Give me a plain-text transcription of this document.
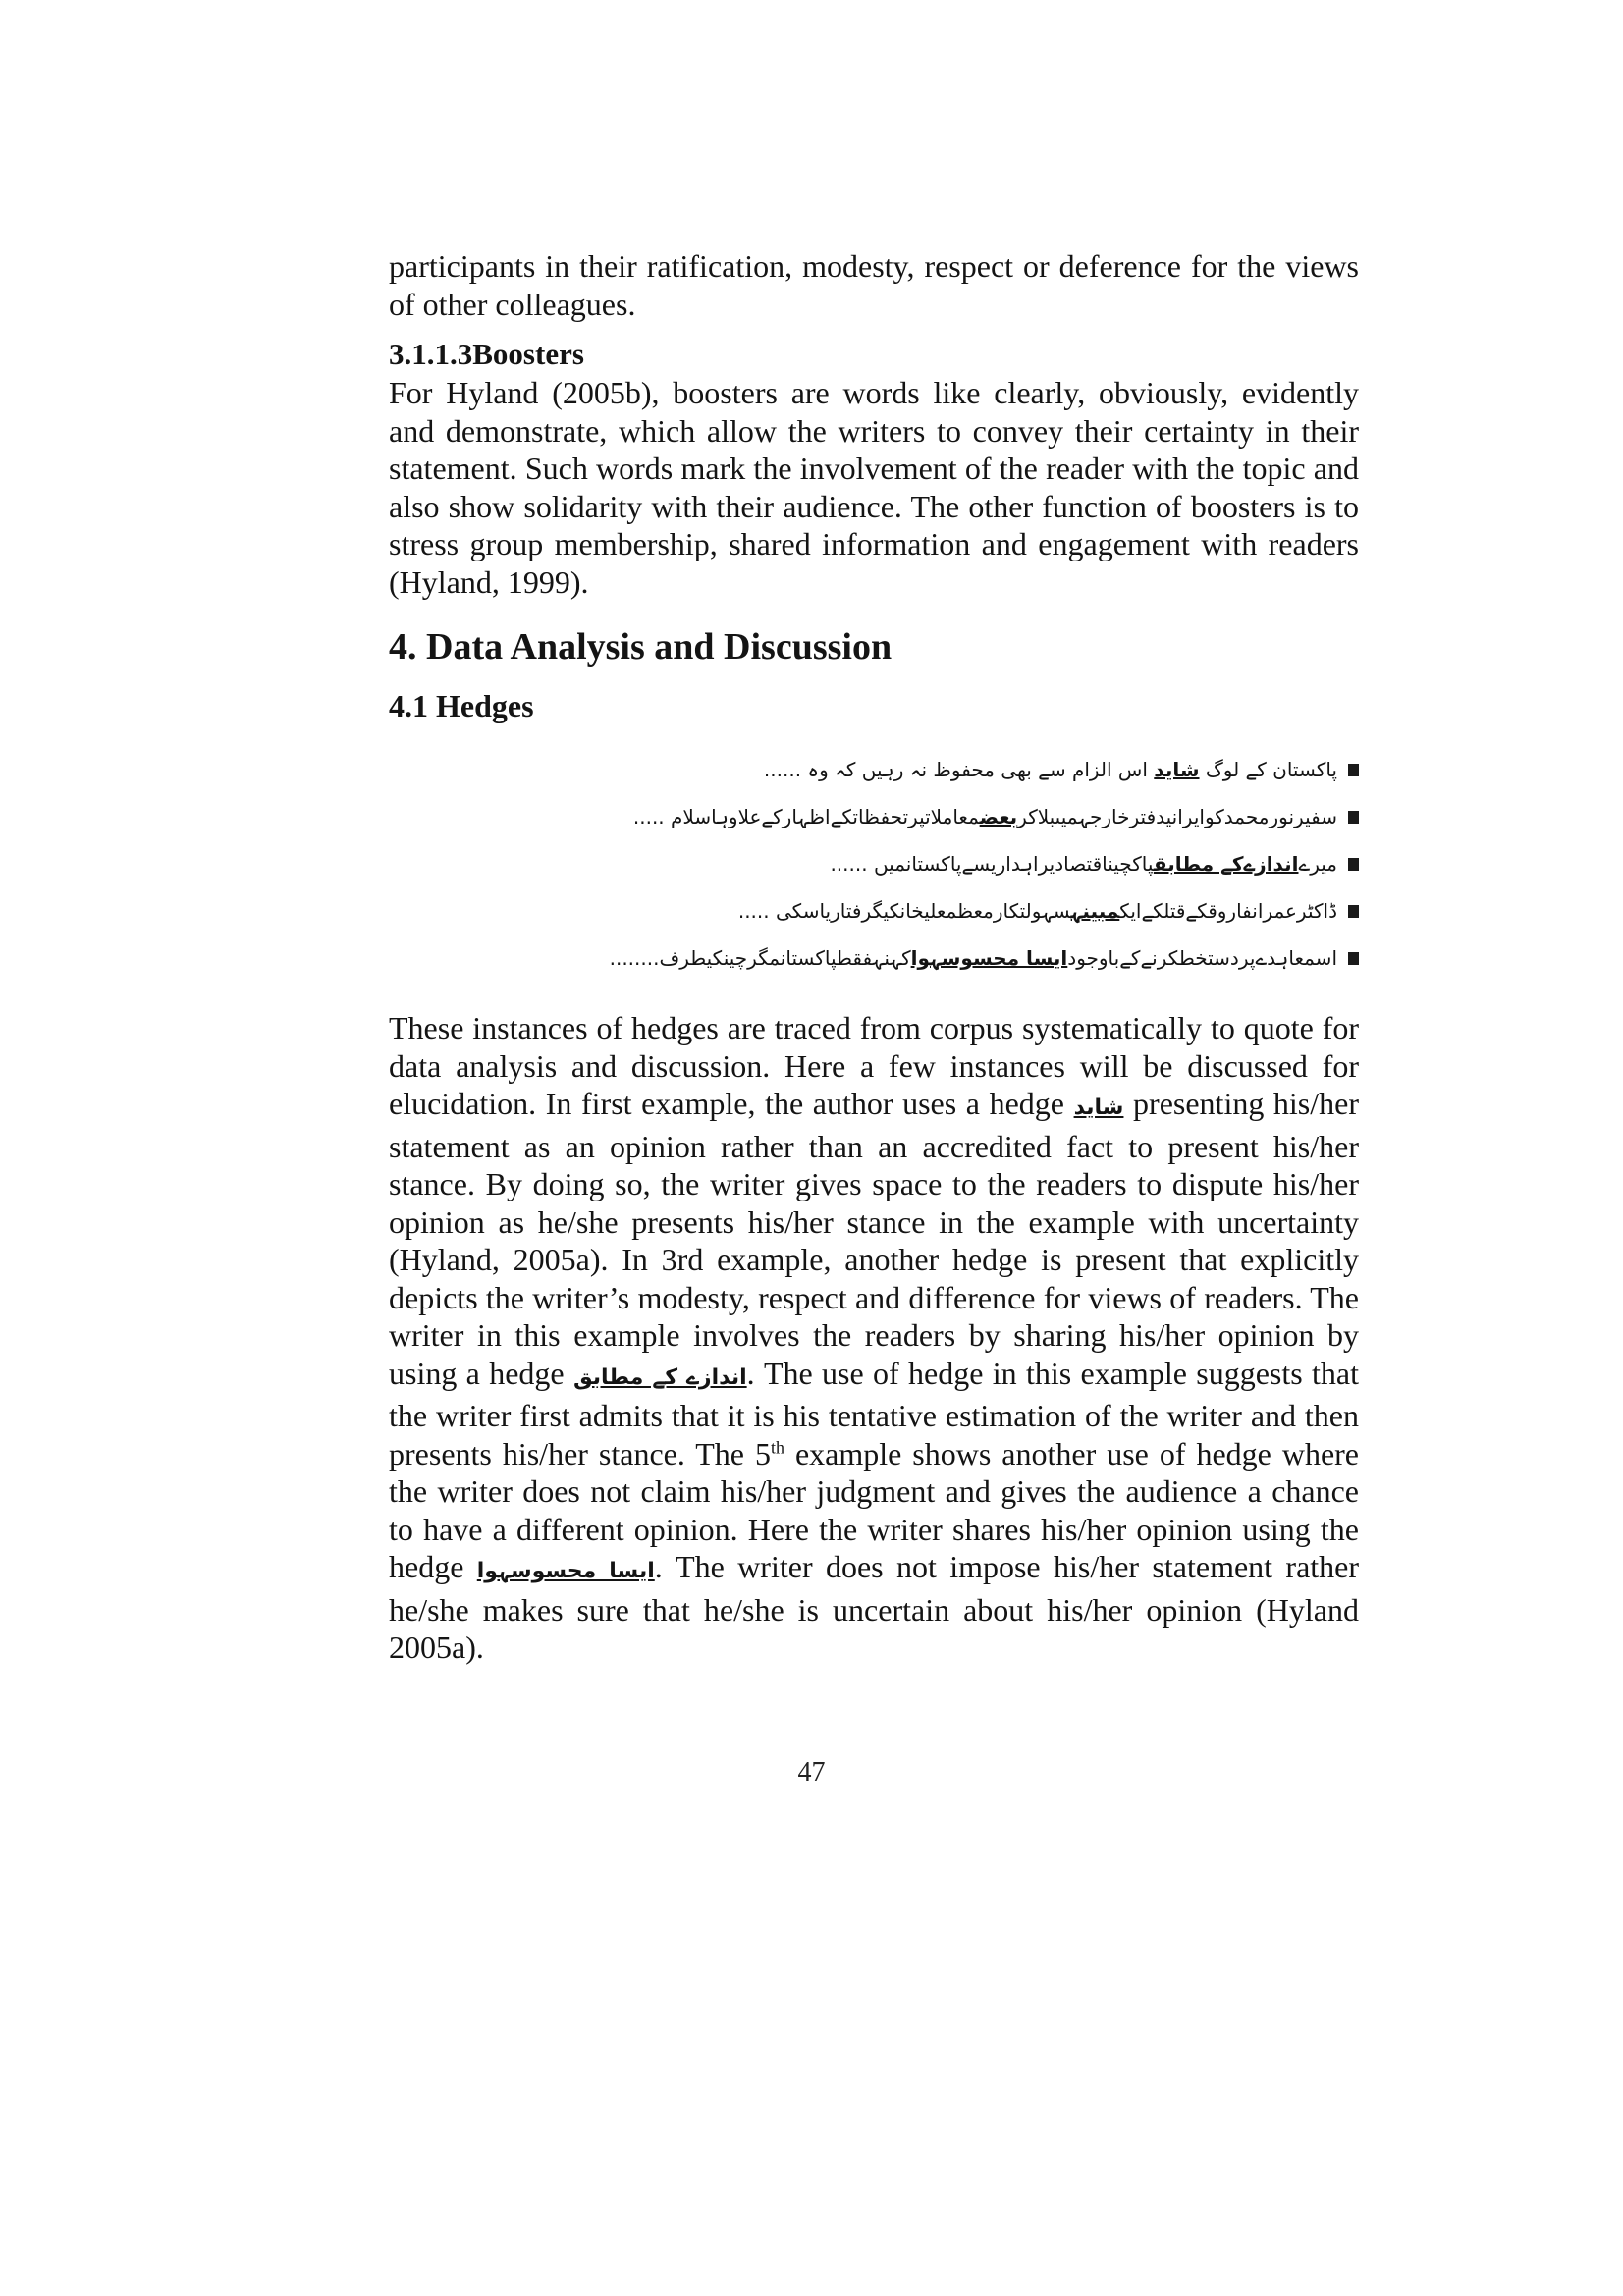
participants in their ratification, modesty, respect or deference for the views of other colleagues.

3.1.1.3Boosters

For Hyland (2005b), boosters are words like clearly, obviously, evidently and demonstrate, which allow the writers to convey their certainty in their statement. Such words mark the involvement of the reader with the topic and also show solidarity with their audience. The other function of boosters is to stress group membership, shared information and engagement with readers (Hyland, 1999).

4. Data Analysis and Discussion
4.1 Hedges
پاکستان کے لوگ شاید اس الزام سے بھی محفوظ نہ رہیں کہ وہ ......
سفیرنورمحمدکوایرانیدفترخارجہمیںبلاکربعضمعاملاتپرتحفظاتکےاظہارکےعلاوہاسلام .....
میرےاندازےکے مطابقپاکچیناقتصادیراہداریسےپاکستانمیں ......
ڈاکٹرعمرانفاروقکےقتلکےایکمبینہسہولتکارمعظمعلیخانکیگرفتاریاسکی .....
اسمعاہدےپردستخطکرنےکےباوجودایسا محسوسہواکہنہفقطپاکستانمگرچینکیطرف........

These instances of hedges are traced from corpus systematically to quote for data analysis and discussion. Here a few instances will be discussed for elucidation. In first example, the author uses a hedge شاید presenting his/her statement as an opinion rather than an accredited fact to present his/her stance. By doing so, the writer gives space to the readers to dispute his/her opinion as he/she presents his/her stance in the example with uncertainty (Hyland, 2005a). In 3rd example, another hedge is present that explicitly depicts the writer’s modesty, respect and difference for views of readers. The writer in this example involves the readers by sharing his/her opinion by using a hedge اندازے کے مطابق. The use of hedge in this example suggests that the writer first admits that it is his tentative estimation of the writer and then presents his/her stance. The 5th example shows another use of hedge where the writer does not claim his/her judgment and gives the audience a chance to have a different opinion. Here the writer shares his/her opinion using the hedge ایسا محسوسہوا. The writer does not impose his/her statement rather he/she makes sure that he/she is uncertain about his/her opinion (Hyland 2005a).

47
